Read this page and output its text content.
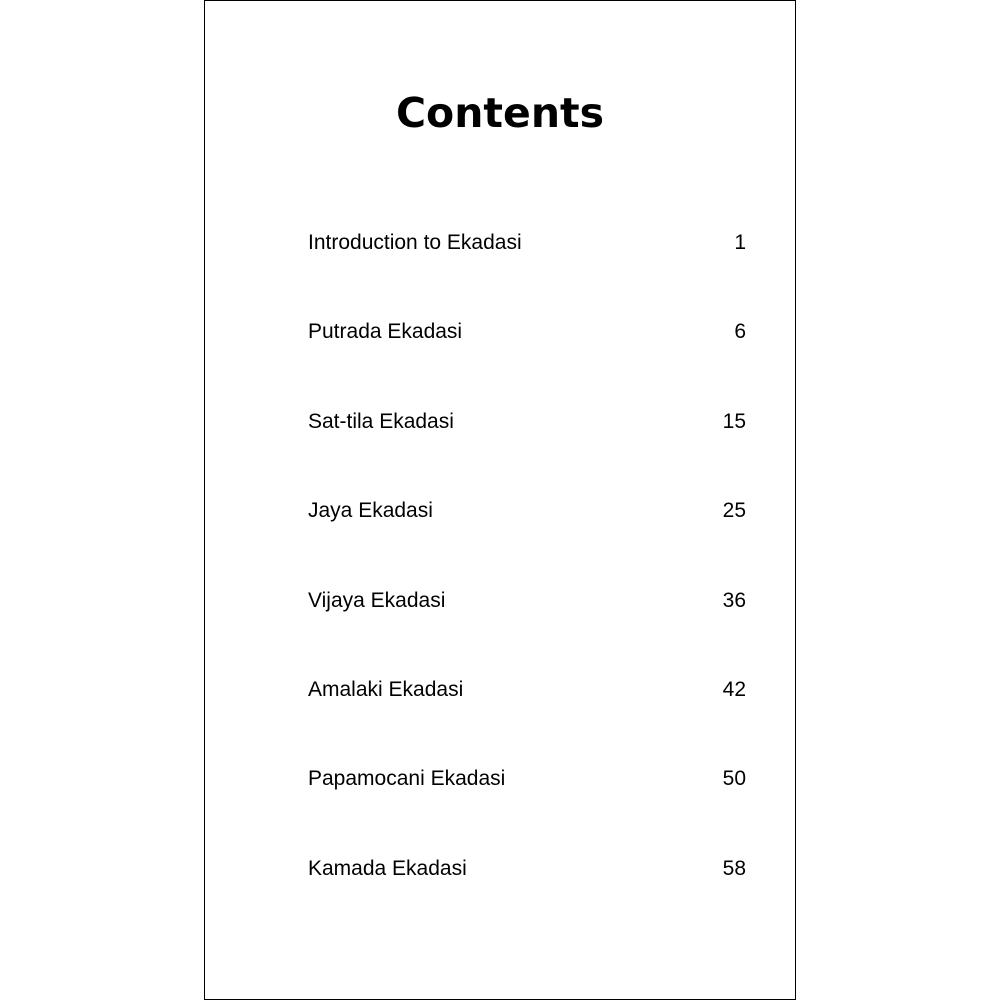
Contents
Introduction to Ekadasi	1
Putrada Ekadasi	6
Sat-tila Ekadasi	15
Jaya Ekadasi	25
Vijaya Ekadasi	36
Amalaki Ekadasi	42
Papamocani Ekadasi	50
Kamada Ekadasi	58
